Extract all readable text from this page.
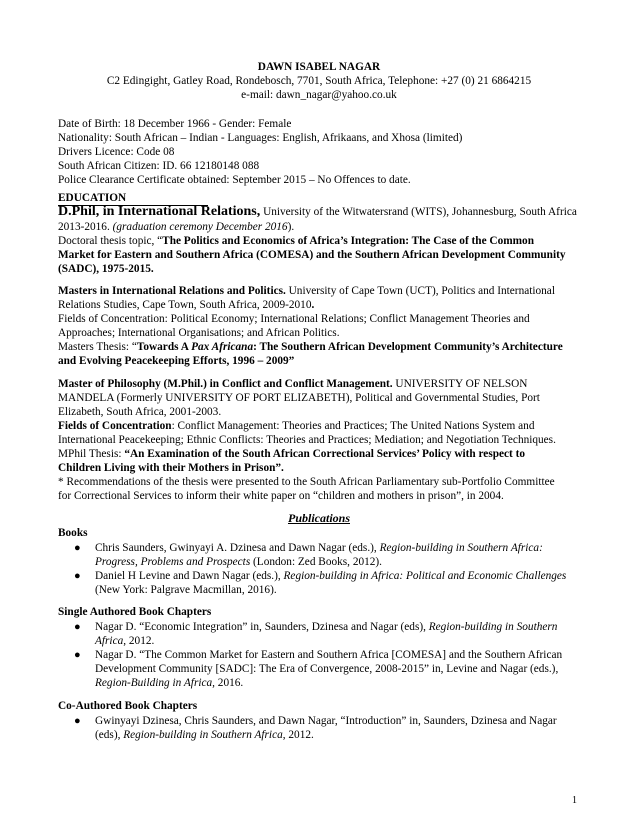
DAWN ISABEL NAGAR
C2 Edingight, Gatley Road, Rondebosch, 7701, South Africa, Telephone: +27 (0) 21 6864215
e-mail: dawn_nagar@yahoo.co.uk
Date of Birth: 18 December 1966 - Gender: Female
Nationality: South African – Indian - Languages: English, Afrikaans, and Xhosa (limited)
Drivers Licence: Code 08
South African Citizen: ID. 66 12180148 088
Police Clearance Certificate obtained: September 2015 – No Offences to date.
EDUCATION
D.Phil, in International Relations, University of the Witwatersrand (WITS), Johannesburg, South Africa
2013-2016. (graduation ceremony December 2016).
Doctoral thesis topic, “The Politics and Economics of Africa’s Integration: The Case of the Common
Market for Eastern and Southern Africa (COMESA) and the Southern African Development Community
(SADC), 1975-2015.
Masters in International Relations and Politics. University of Cape Town (UCT), Politics and International
Relations Studies, Cape Town, South Africa, 2009-2010.
Fields of Concentration: Political Economy; International Relations; Conflict Management Theories and
Approaches; International Organisations; and African Politics.
Masters Thesis: “Towards A Pax Africana: The Southern African Development Community’s Architecture
and Evolving Peacekeeping Efforts, 1996 – 2009”
Master of Philosophy (M.Phil.) in Conflict and Conflict Management. UNIVERSITY OF NELSON
MANDELA (Formerly UNIVERSITY OF PORT ELIZABETH), Political and Governmental Studies, Port
Elizabeth, South Africa, 2001-2003.
Fields of Concentration: Conflict Management: Theories and Practices; The United Nations System and
International Peacekeeping; Ethnic Conflicts: Theories and Practices; Mediation; and Negotiation Techniques.
MPhil Thesis: “An Examination of the South African Correctional Services’ Policy with respect to
Children Living with their Mothers in Prison”.
* Recommendations of the thesis were presented to the South African Parliamentary sub-Portfolio Committee
for Correctional Services to inform their white paper on “children and mothers in prison”, in 2004.
Publications
Books
● Chris Saunders, Gwinyayi A. Dzinesa and Dawn Nagar (eds.), Region-building in Southern Africa:
Progress, Problems and Prospects (London: Zed Books, 2012).
● Daniel H Levine and Dawn Nagar (eds.), Region-building in Africa: Political and Economic Challenges
(New York: Palgrave Macmillan, 2016).
Single Authored Book Chapters
● Nagar D. “Economic Integration” in, Saunders, Dzinesa and Nagar (eds), Region-building in Southern
Africa, 2012.
● Nagar D. “The Common Market for Eastern and Southern Africa [COMESA] and the Southern African
Development Community [SADC]: The Era of Convergence, 2008-2015” in, Levine and Nagar (eds.),
Region-Building in Africa, 2016.
Co-Authored Book Chapters
● Gwinyayi Dzinesa, Chris Saunders, and Dawn Nagar, “Introduction” in, Saunders, Dzinesa and Nagar
(eds), Region-building in Southern Africa, 2012.
1
